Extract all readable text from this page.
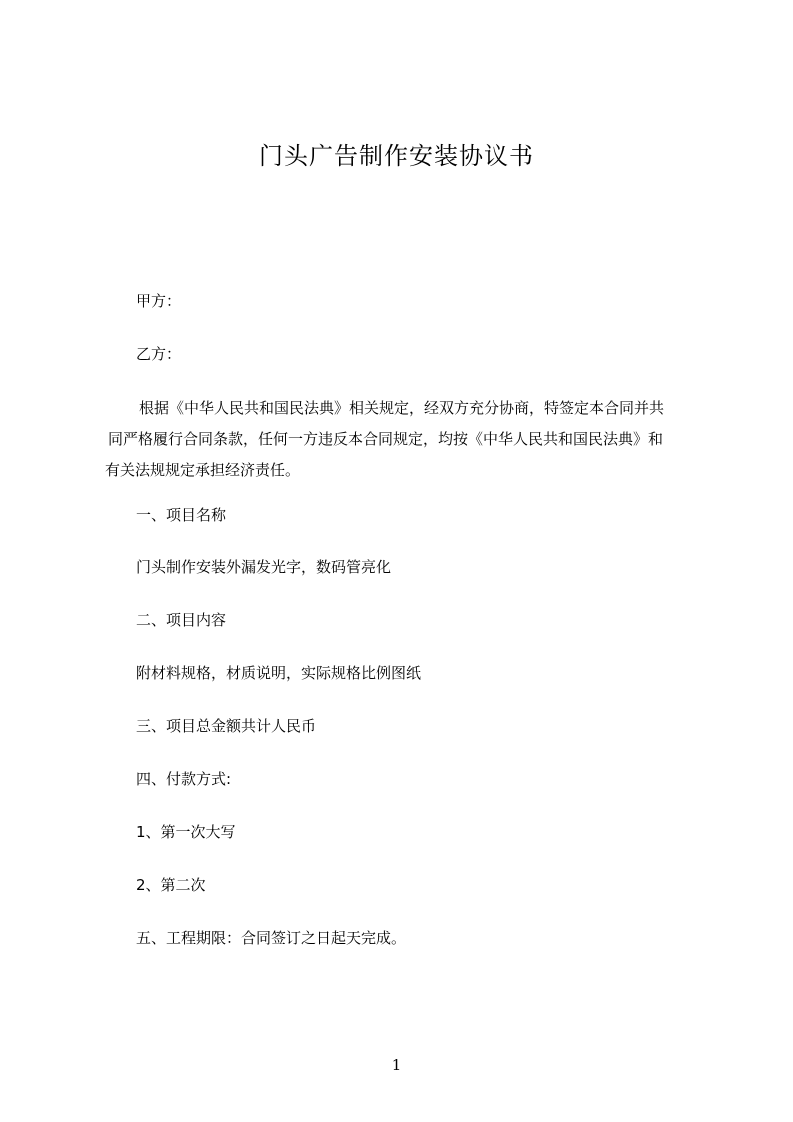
门头广告制作安装协议书
甲方：
乙方：
根据《中华人民共和国民法典》相关规定，经双方充分协商，特签定本合同并共
同严格履行合同条款，任何一方违反本合同规定，均按《中华人民共和国民法典》和
有关法规规定承担经济责任。
一、项目名称
门头制作安装外漏发光字，数码管亮化
二、项目内容
附材料规格，材质说明，实际规格比例图纸
三、项目总金额共计人民币
四、付款方式:
1、第一次大写
2、第二次
五、工程期限：合同签订之日起天完成。
1
